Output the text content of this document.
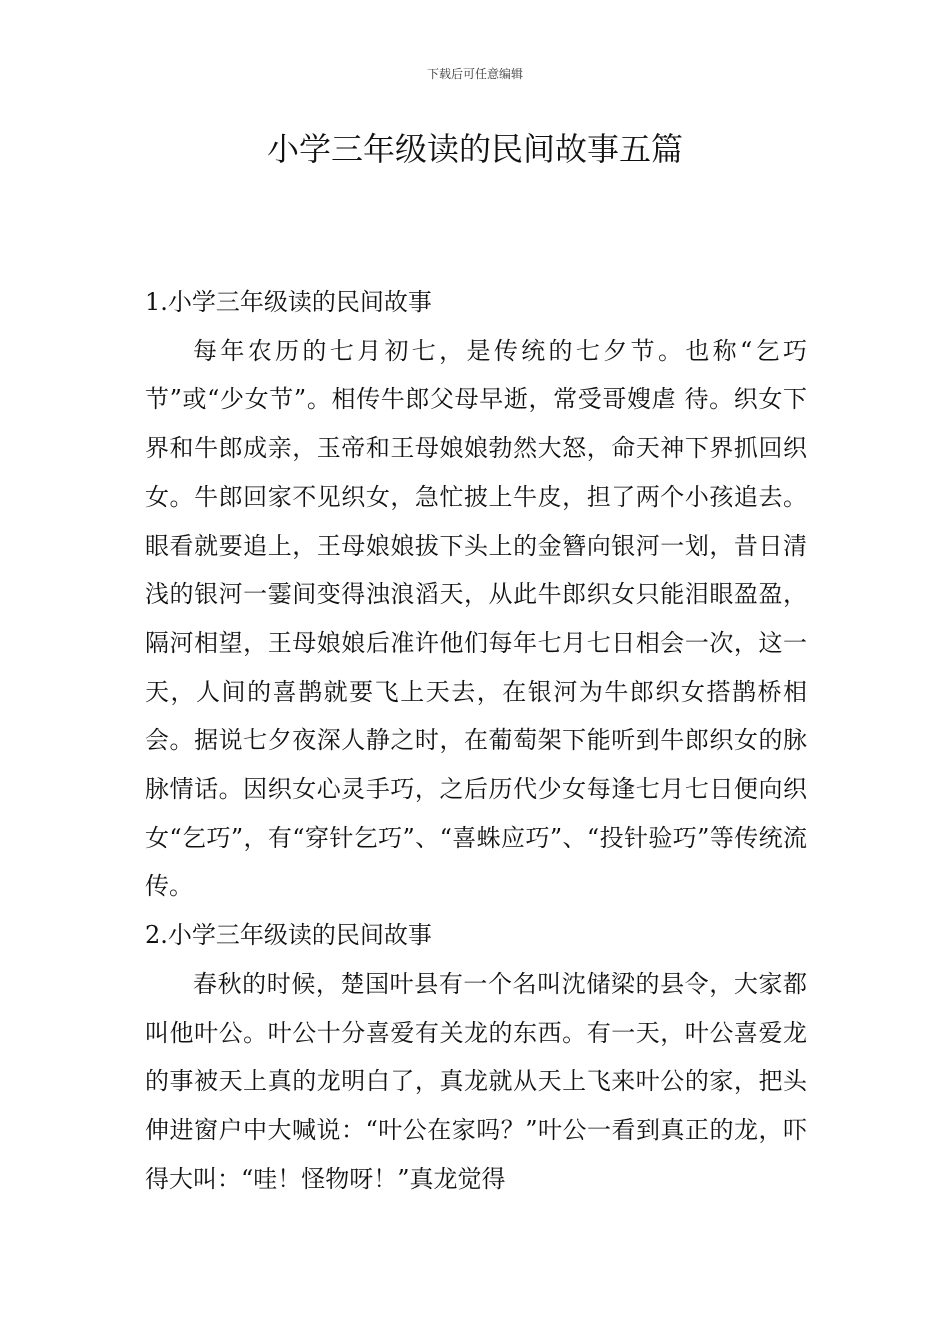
下载后可任意编辑
小学三年级读的民间故事五篇
1.小学三年级读的民间故事

每年农历的七月初七，是传统的七夕节。也称“乞巧节”或“少女节”。相传牛郎父母早逝，常受哥嫂虐 待。织女下界和牛郎成亲，玉帝和王母娘娘勃然大怒，命天神下界抓回织女。牛郎回家不见织女，急忙披上牛皮，担了两个小孩追去。眼看就要追上，王母娘娘拔下头上的金簪向银河一划，昔日清浅的银河一霎间变得浊浪滔天，从此牛郎织女只能泪眼盈盈，隔河相望，王母娘娘后准许他们每年七月七日相会一次，这一天，人间的喜鹊就要飞上天去，在银河为牛郎织女搭鹊桥相会。据说七夕夜深人静之时，在葡萄架下能听到牛郎织女的脉脉情话。因织女心灵手巧，之后历代少女每逢七月七日便向织女“乞巧”，有“穿针乞巧”、“喜蛛应巧”、“投针验巧”等传统流传。

2.小学三年级读的民间故事

春秋的时候，楚国叶县有一个名叫沈储梁的县令，大家都叫他叶公。叶公十分喜爱有关龙的东西。有一天，叶公喜爱龙的事被天上真的龙明白了，真龙就从天上飞来叶公的家，把头伸进窗户中大喊说：“叶公在家吗？”叶公一看到真正的龙，吓得大叫：“哇！怪物呀！”真龙觉得
